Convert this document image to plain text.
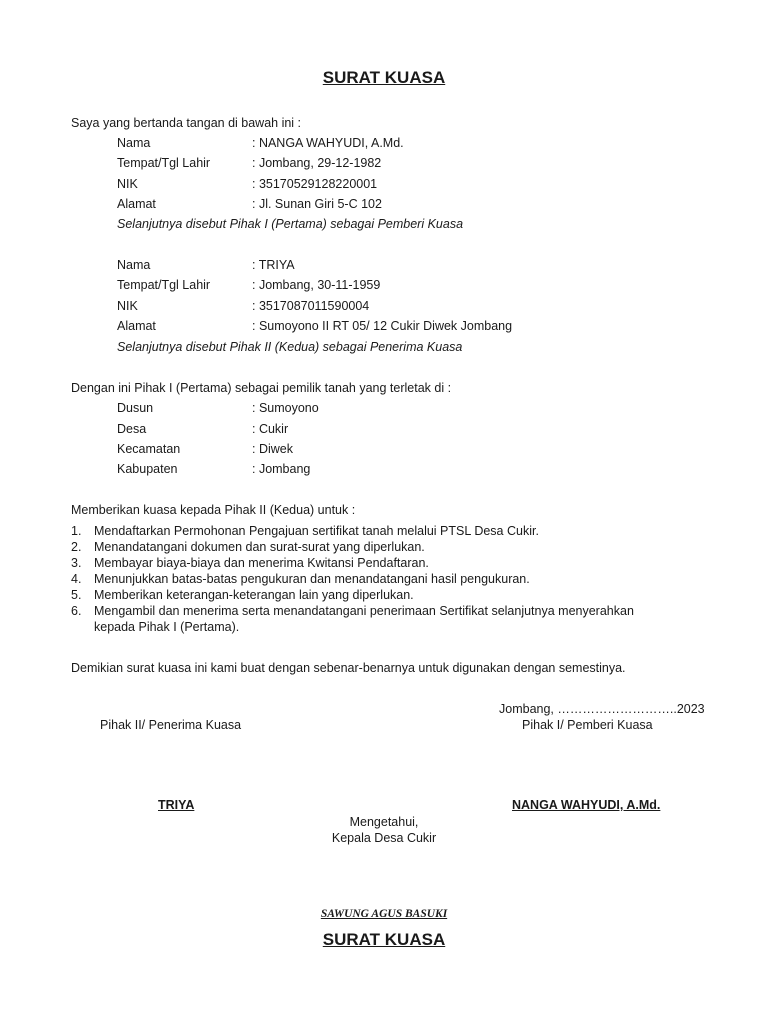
SURAT KUASA
Saya yang bertanda tangan di bawah ini :
Nama	: NANGA WAHYUDI, A.Md.
Tempat/Tgl Lahir	: Jombang, 29-12-1982
NIK	: 35170529128220001
Alamat	: Jl. Sunan Giri 5-C 102
Selanjutnya disebut Pihak I (Pertama) sebagai Pemberi Kuasa
Nama	: TRIYA
Tempat/Tgl Lahir	: Jombang, 30-11-1959
NIK	: 3517087011590004
Alamat	: Sumoyono II RT 05/ 12 Cukir Diwek Jombang
Selanjutnya disebut Pihak II (Kedua) sebagai Penerima Kuasa
Dengan ini Pihak I (Pertama) sebagai pemilik tanah yang terletak di :
Dusun	: Sumoyono
Desa	: Cukir
Kecamatan	: Diwek
Kabupaten	: Jombang
Memberikan kuasa kepada Pihak II (Kedua) untuk :
1. Mendaftarkan Permohonan Pengajuan sertifikat tanah melalui PTSL Desa Cukir.
2. Menandatangani dokumen dan surat-surat yang diperlukan.
3. Membayar biaya-biaya dan menerima Kwitansi Pendaftaran.
4. Menunjukkan batas-batas pengukuran dan menandatangani hasil pengukuran.
5. Memberikan keterangan-keterangan lain yang diperlukan.
6. Mengambil dan menerima serta menandatangani penerimaan Sertifikat selanjutnya menyerahkan
kepada Pihak I (Pertama).
Demikian surat kuasa ini kami buat dengan sebenar-benarnya untuk digunakan dengan semestinya.
Jombang, ………………………..2023
Pihak II/ Penerima Kuasa	Pihak I/ Pemberi Kuasa
TRIYA	NANGA WAHYUDI, A.Md.
Mengetahui,
Kepala Desa Cukir
SAWUNG AGUS BASUKI
SURAT KUASA
